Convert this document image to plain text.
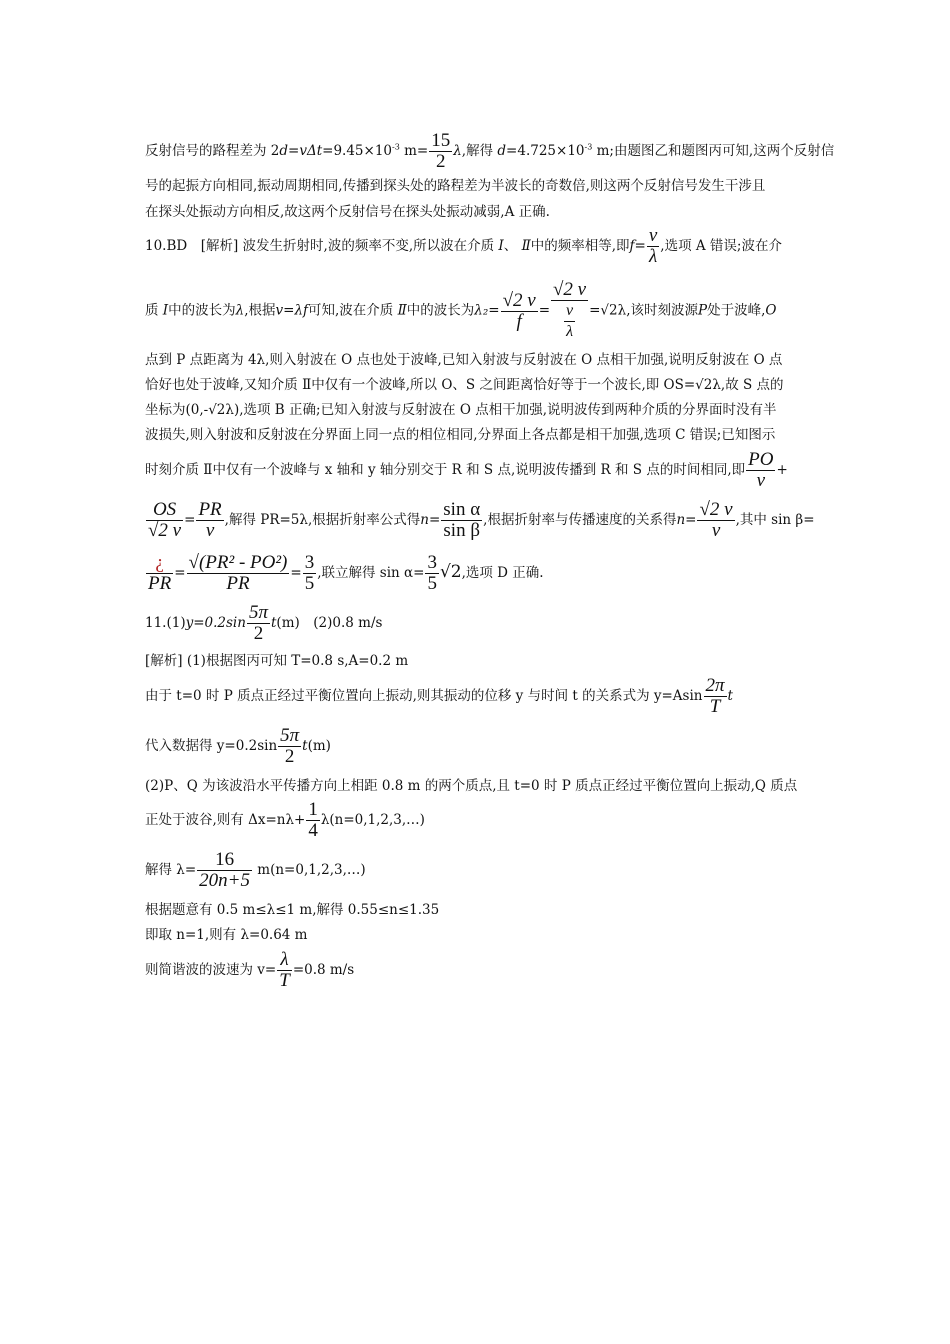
反射信号的路程差为 $2d=v\Delta t=9.45\times 10^{-3}$ $m= \frac{15}{2} \lambda$,解得 $d=4.725\times 10^{-3}$ m;由题图乙和题图丙可知,这两个反射信
号的起振方向相同,振动周期相同,传播到探头处的路程差为半波长的奇数倍,则这两个反射信号发生干涉且
在探头处振动方向相反,故这两个反射信号在探头处振动减弱,A 正确.
10.BD　[解析] 波发生折射时,波的频率不变,所以波在介质 Ⅰ、 Ⅱ中的频率相等,即$f= \frac{v}{\lambda}$ ,选项 A 错误;波在介
质 Ⅰ中的波长为λ,根据v=λf可知,波在介质 Ⅱ中的波长为$\lambda_2= \frac{√2 v}{f} = \frac{√2 v}{\frac{v}{\lambda}} =√2\lambda$,该时刻波源P处于波峰,O
点到 P 点距离为 4λ,则入射波在 O 点也处于波峰,已知入射波与反射波在 O 点相干加强,说明反射波在 O 点
恰好也处于波峰,又知介质 Ⅱ中仅有一个波峰,所以 O、S 之间距离恰好等于一个波长,即 OS=√2λ,故 S 点的
坐标为(0,-√2λ),选项 B 正确;已知入射波与反射波在 O 点相干加强,说明波传到两种介质的分界面时没有半
波损失,则入射波和反射波在分界面上同一点的相位相同,分界面上各点都是相干加强,选项 C 错误;已知图示
时刻介质 Ⅱ中仅有一个波峰与 x 轴和 y 轴分别交于 R 和 S 点,说明波传播到 R 和 S 点的时间相同,即 $\frac{PO}{v}$ +
$\frac{OS}{√2 v} = \frac{PR}{v}$ ,解得 PR=5λ,根据折射率公式得$n= \frac{\text{sin α}}{\text{sin β}}$ ,根据折射率与传播速度的关系得$n= \frac{√2 v}{v}$ ,其中 sin β=
$\frac{¿}{PR} = \frac{\text{√(PR² - PO²)}}{PR} = \frac{3}{5}$ ,联立解得 $\sin \alpha= \frac{3}{5} √2$,选项 D 正确.
$11.(1)y=0.2\sin \frac{5\pi}{2} t(m)$　(2)0.8 m/s
[解析] (1)根据图丙可知 T=0.8 s,A=0.2 m
由于 t=0 时 P 质点正经过平衡位置向上振动,则其振动的位移 y 与时间 t 的关系式为 $y=Asin \frac{2\pi}{T}$ t
代入数据得 $y=0.2\sin \frac{5\pi}{2} t(m)$
(2)P、Q 为该波沿水平传播方向上相距 0.8 m 的两个质点,且 t=0 时 P 质点正经过平衡位置向上振动,Q 质点
正处于波谷,则有 $\Delta x=n\lambda+ \frac{1}{4}$ λ(n=0,1,2,3,…)
解得 $\lambda= \frac{16}{20n+5}$ m(n=0,1,2,3,…)
根据题意有 0.5 m≤λ≤1 m,解得 0.55≤n≤1.35
即取 n=1,则有 λ=0.64 m
则简谐波的波速为 $v= \frac{\lambda}{T} =0.8$ m/s
